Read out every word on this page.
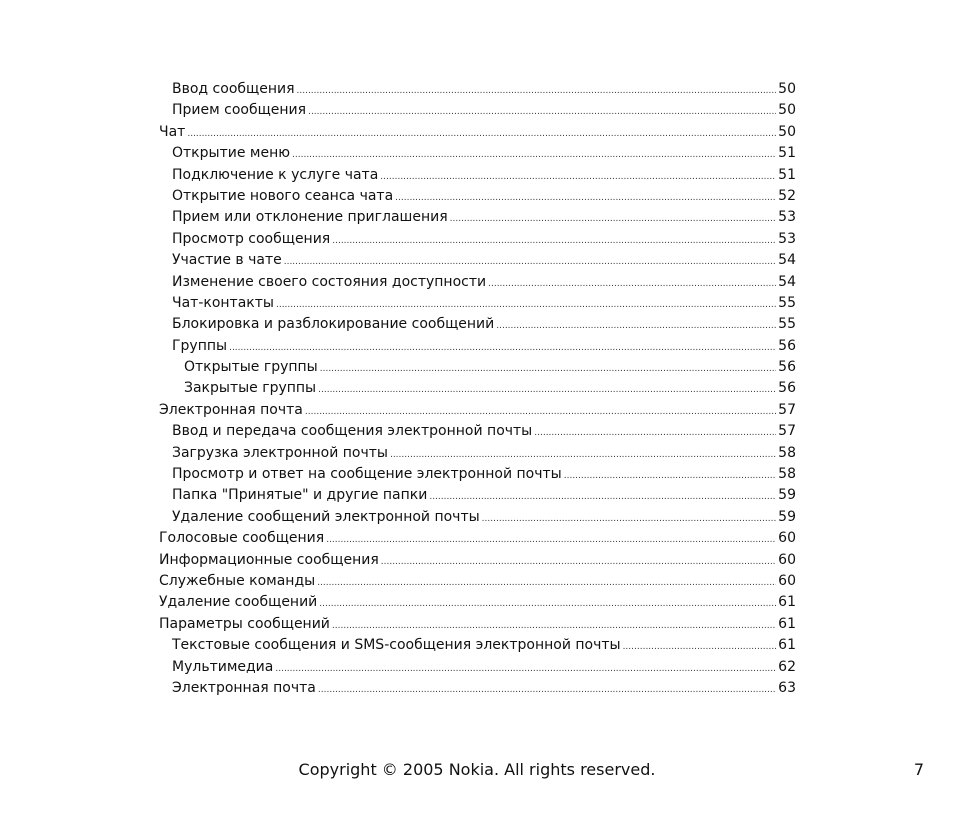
Ввод сообщения .....	50
Прием сообщения .....	50
Чат .....	50
Открытие меню .....	51
Подключение к услуге чата .....	51
Открытие нового сеанса чата .....	52
Прием или отклонение приглашения .....	53
Просмотр сообщения .....	53
Участие в чате .....	54
Изменение своего состояния доступности .....	54
Чат-контакты .....	55
Блокировка и разблокирование сообщений .....	55
Группы .....	56
Открытые группы .....	56
Закрытые группы .....	56
Электронная почта .....	57
Ввод и передача сообщения электронной почты .....	57
Загрузка электронной почты .....	58
Просмотр и ответ на сообщение электронной почты .....	58
Папка "Принятые" и другие папки .....	59
Удаление сообщений электронной почты .....	59
Голосовые сообщения .....	60
Информационные сообщения .....	60
Служебные команды .....	60
Удаление сообщений .....	61
Параметры сообщений .....	61
Текстовые сообщения и SMS-сообщения электронной почты .....	61
Мультимедиа .....	62
Электронная почта .....	63
Copyright © 2005 Nokia. All rights reserved.	7
